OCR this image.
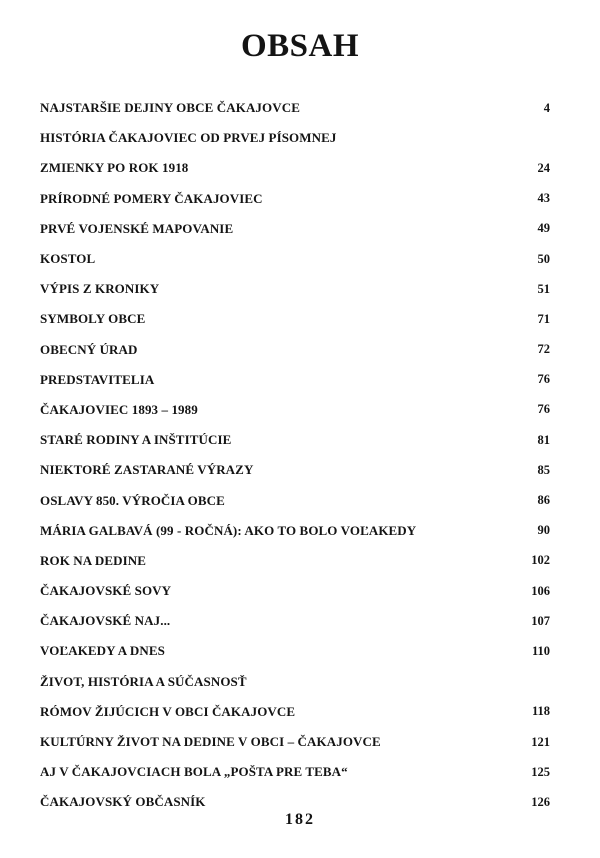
OBSAH
NAJSTARŠIE DEJINY OBCE ČAKAJOVCE	4
HISTÓRIA ČAKAJOVIEC OD PRVEJ PÍSOMNEJ
ZMIENKY PO ROK 1918	24
PRÍRODNÉ POMERY ČAKAJOVIEC	43
PRVÉ VOJENSKÉ MAPOVANIE	49
KOSTOL	50
VÝPIS Z KRONIKY	51
SYMBOLY OBCE	71
OBECNÝ ÚRAD	72
PREDSTAVITELIA	76
ČAKAJOVIEC 1893 – 1989	76
STARÉ RODINY A INŠTITÚCIE	81
NIEKTORÉ ZASTARANÉ VÝRAZY	85
OSLAVY 850. VÝROČIA OBCE	86
MÁRIA GALBAVÁ (99 - ROČNÁ): AKO TO BOLO VOĽAKEDY	90
ROK NA DEDINE	102
ČAKAJOVSKÉ SOVY	106
ČAKAJOVSKÉ NAJ...	107
VOĽAKEDY A DNES	110
ŽIVOT, HISTÓRIA A SÚČASNOSŤ
RÓMOV ŽIJÚCICH V OBCI ČAKAJOVCE	118
KULTÚRNY ŽIVOT NA DEDINE V OBCI – ČAKAJOVCE	121
AJ V ČAKAJOVCIACH BOLA „POŠTA PRE TEBA“	125
ČAKAJOVSKÝ OBČASNÍK	126
182
